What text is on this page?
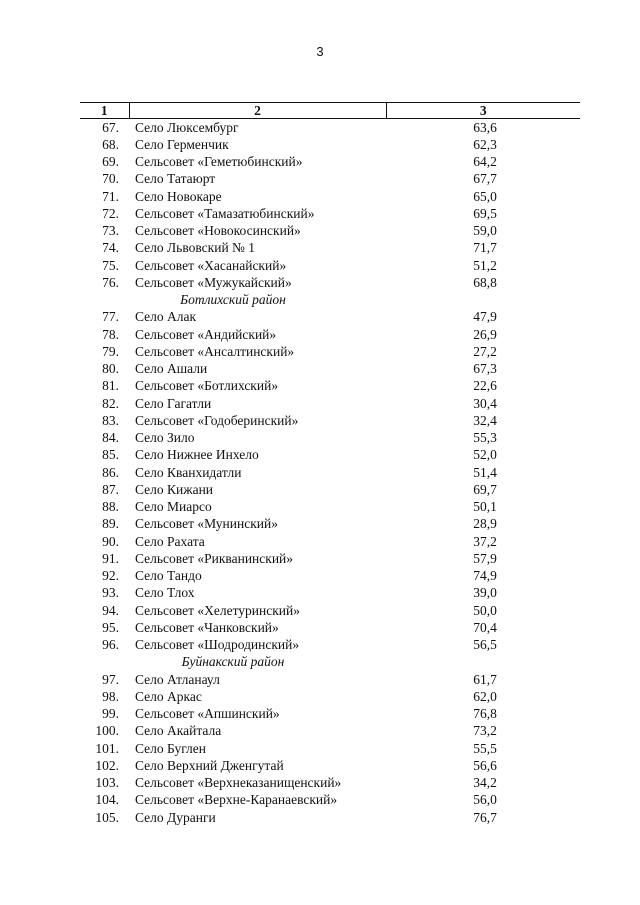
3
1	2	3
67.	Село Люксембург	63,6
68.	Село Герменчик	62,3
69.	Сельсовет «Геметюбинский»	64,2
70.	Село Татаюрт	67,7
71.	Село Новокаре	65,0
72.	Сельсовет «Тамазатюбинский»	69,5
73.	Сельсовет «Новокосинский»	59,0
74.	Село Львовский № 1	71,7
75.	Сельсовет «Хасанайский»	51,2
76.	Сельсовет «Мужукайский»	68,8
Ботлихский район		
77.	Село Алак	47,9
78.	Сельсовет «Андийский»	26,9
79.	Сельсовет «Ансалтинский»	27,2
80.	Село Ашали	67,3
81.	Сельсовет «Ботлихский»	22,6
82.	Село Гагатли	30,4
83.	Сельсовет «Годоберинский»	32,4
84.	Село Зило	55,3
85.	Село Нижнее Инхело	52,0
86.	Село Кванхидатли	51,4
87.	Село Кижани	69,7
88.	Село Миарсо	50,1
89.	Сельсовет «Мунинский»	28,9
90.	Село Рахата	37,2
91.	Сельсовет «Рикванинский»	57,9
92.	Село Тандо	74,9
93.	Село Тлох	39,0
94.	Сельсовет «Хелетуринский»	50,0
95.	Сельсовет «Чанковский»	70,4
96.	Сельсовет «Шодродинский»	56,5
Буйнакский район		
97.	Село Атланаул	61,7
98.	Село Аркас	62,0
99.	Сельсовет «Апшинский»	76,8
100.	Село Акайтала	73,2
101.	Село Буглен	55,5
102.	Село Верхний Дженгутай	56,6
103.	Сельсовет «Верхнеказанищенский»	34,2
104.	Сельсовет «Верхне-Каранаевский»	56,0
105.	Село Дуранги	76,7
